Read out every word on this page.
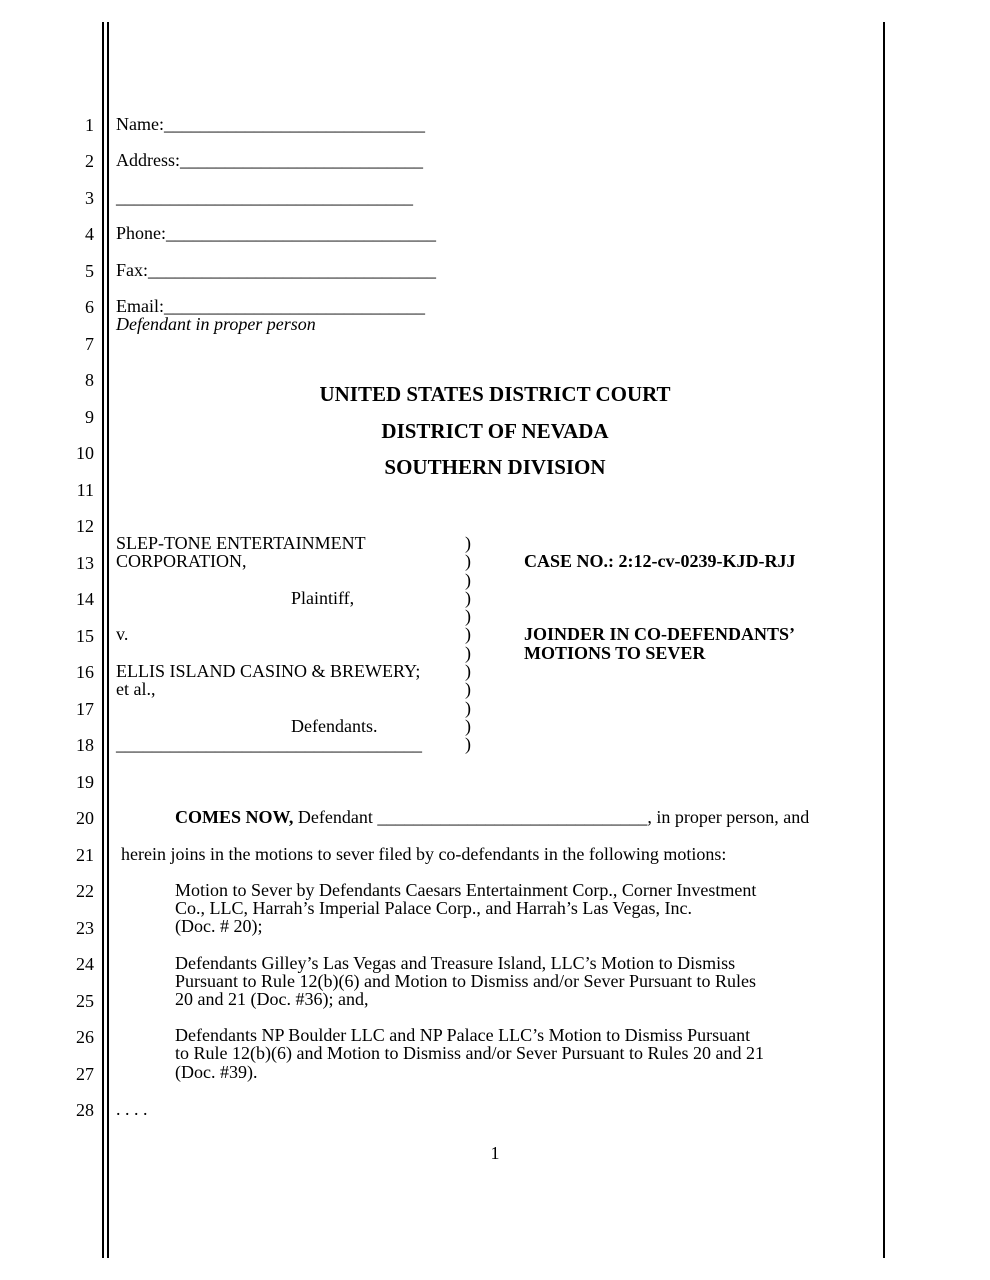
1
2
3
4
5
6
7
8
9
10
11
12
13
14
15
16
17
18
19
20
21
22
23
24
25
26
27
28
Name:_____________________________
Address:___________________________
_________________________________
Phone:______________________________
Fax:________________________________
Email:_____________________________
Defendant in proper person
UNITED STATES DISTRICT COURT
DISTRICT OF NEVADA
SOUTHERN DIVISION
SLEP-TONE ENTERTAINMENT
CORPORATION,
Plaintiff,
v.
ELLIS ISLAND CASINO & BREWERY;
et al.,
Defendants.
__________________________________
)
)
)
)
)
)
)
)
)
)
)
)
CASE NO.: 2:12-cv-0239-KJD-RJJ
JOINDER IN CO-DEFENDANTS’
MOTIONS TO SEVER
COMES NOW, Defendant ______________________________, in proper person, and
herein joins in the motions to sever filed by co-defendants in the following motions:
Motion to Sever by Defendants Caesars Entertainment Corp., Corner Investment
Co., LLC, Harrah’s Imperial Palace Corp., and Harrah’s Las Vegas, Inc.
(Doc. # 20);
Defendants Gilley’s Las Vegas and Treasure Island, LLC’s Motion to Dismiss
Pursuant to Rule 12(b)(6) and Motion to Dismiss and/or Sever Pursuant to Rules
20 and 21 (Doc. #36); and,
Defendants NP Boulder LLC and NP Palace LLC’s Motion to Dismiss Pursuant
to Rule 12(b)(6) and Motion to Dismiss and/or Sever Pursuant to Rules 20 and 21
(Doc. #39).
. . . .
1
